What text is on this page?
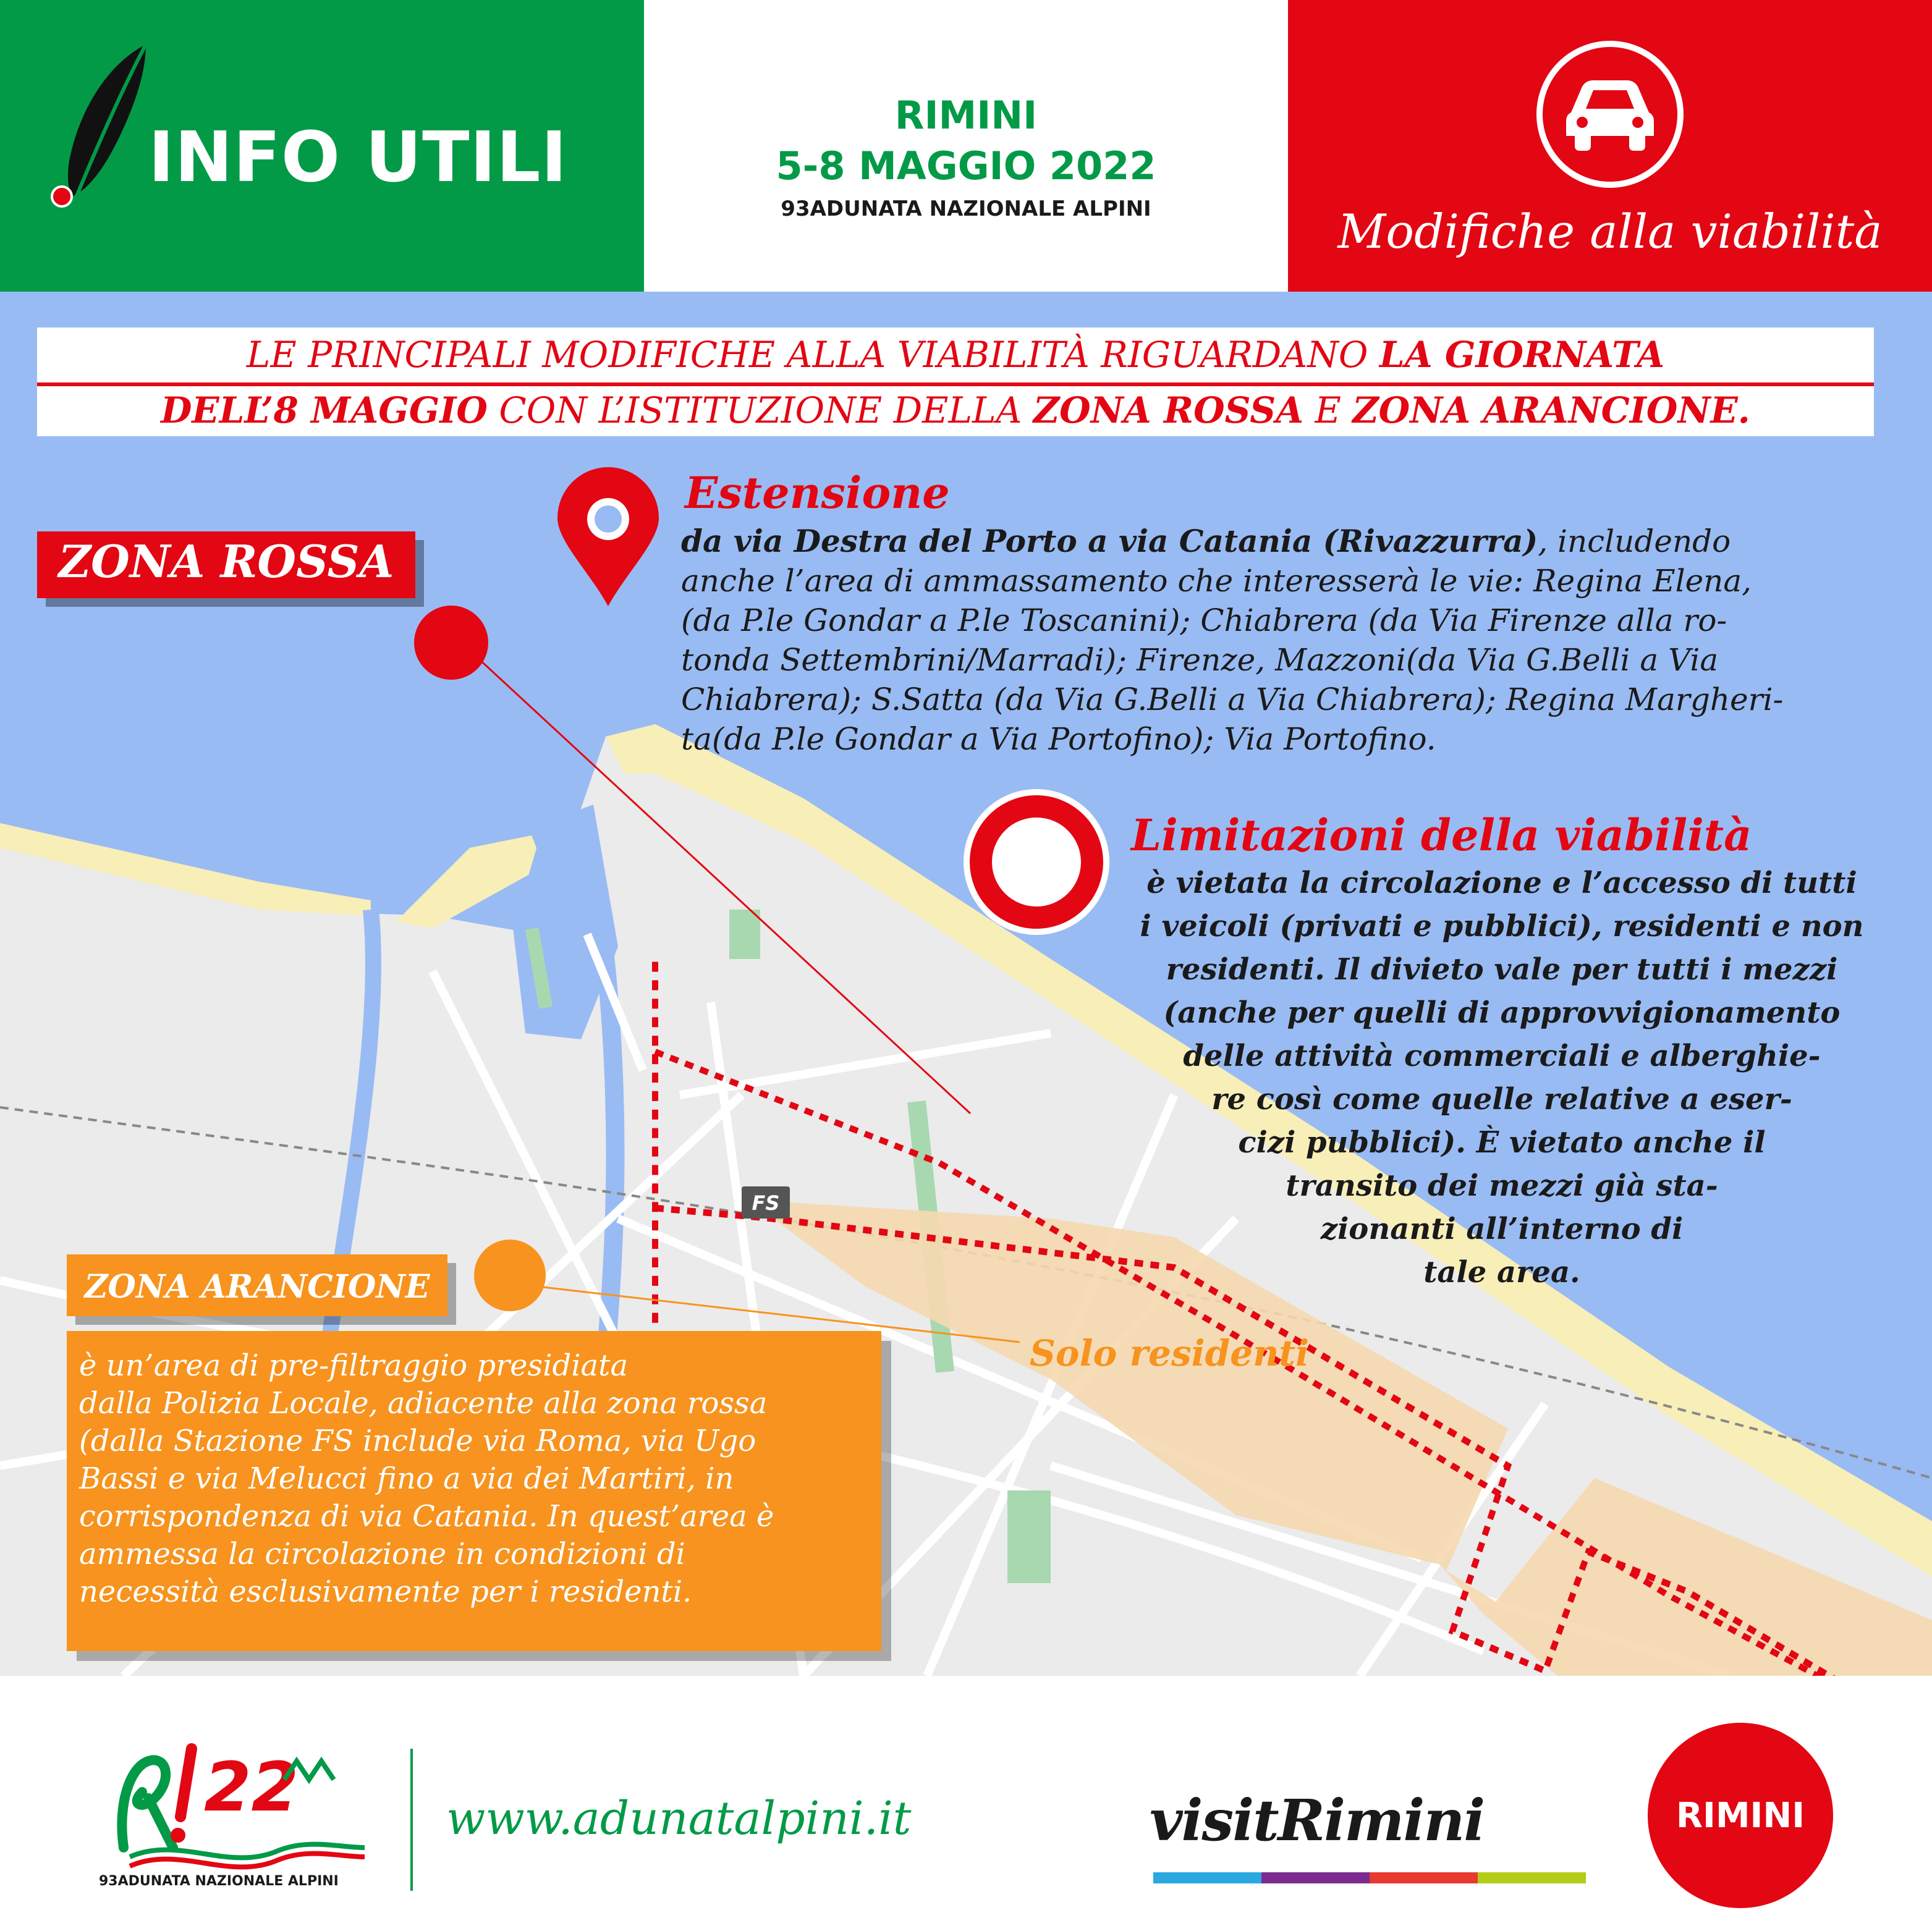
INFO UTILI
RIMINI
5-8 MAGGIO 2022
93ADUNATA NAZIONALE ALPINI	Modifiche alla viabilità
FS
LE PRINCIPALI MODIFICHE ALLA VIABILITÀ RIGUARDANO LA GIORNATA
DELL’8 MAGGIO CON L’ISTITUZIONE DELLA ZONA ROSSA E ZONA ARANCIONE.
ZONA ROSSA
Estensione
da via Destra del Porto a via Catania (Rivazzurra), includendo
anche l’area di ammassamento che interesserà le vie: Regina Elena,
(da P.le Gondar a P.le Toscanini); Chiabrera (da Via Firenze alla ro-
tonda Settembrini/Marradi); Firenze, Mazzoni(da Via G.Belli a Via
Chiabrera); S.Satta (da Via G.Belli a Via Chiabrera); Regina Margheri-
ta(da P.le Gondar a Via Portofino); Via Portofino.
Limitazioni della viabilità
è vietata la circolazione e l’accesso di tutti
i veicoli (privati e pubblici), residenti e non
residenti. Il divieto vale per tutti i mezzi
(anche per quelli di approvvigionamento
delle attività commerciali e alberghie-
re così come quelle relative a eser-
cizi pubblici). È vietato anche il
transito dei mezzi già sta-
zionanti all’interno di
tale area.
ZONA ARANCIONE
è un’area di pre-filtraggio presidiata
dalla Polizia Locale, adiacente alla zona rossa
(dalla Stazione FS include via Roma, via Ugo
Bassi e via Melucci fino a via dei Martiri, in
corrispondenza di via Catania. In quest’area è
ammessa la circolazione in condizioni di
necessità esclusivamente per i residenti.
Solo residenti
22
93ADUNATA NAZIONALE ALPINI
www.adunatalpini.it	visitRimini	RIMINI
